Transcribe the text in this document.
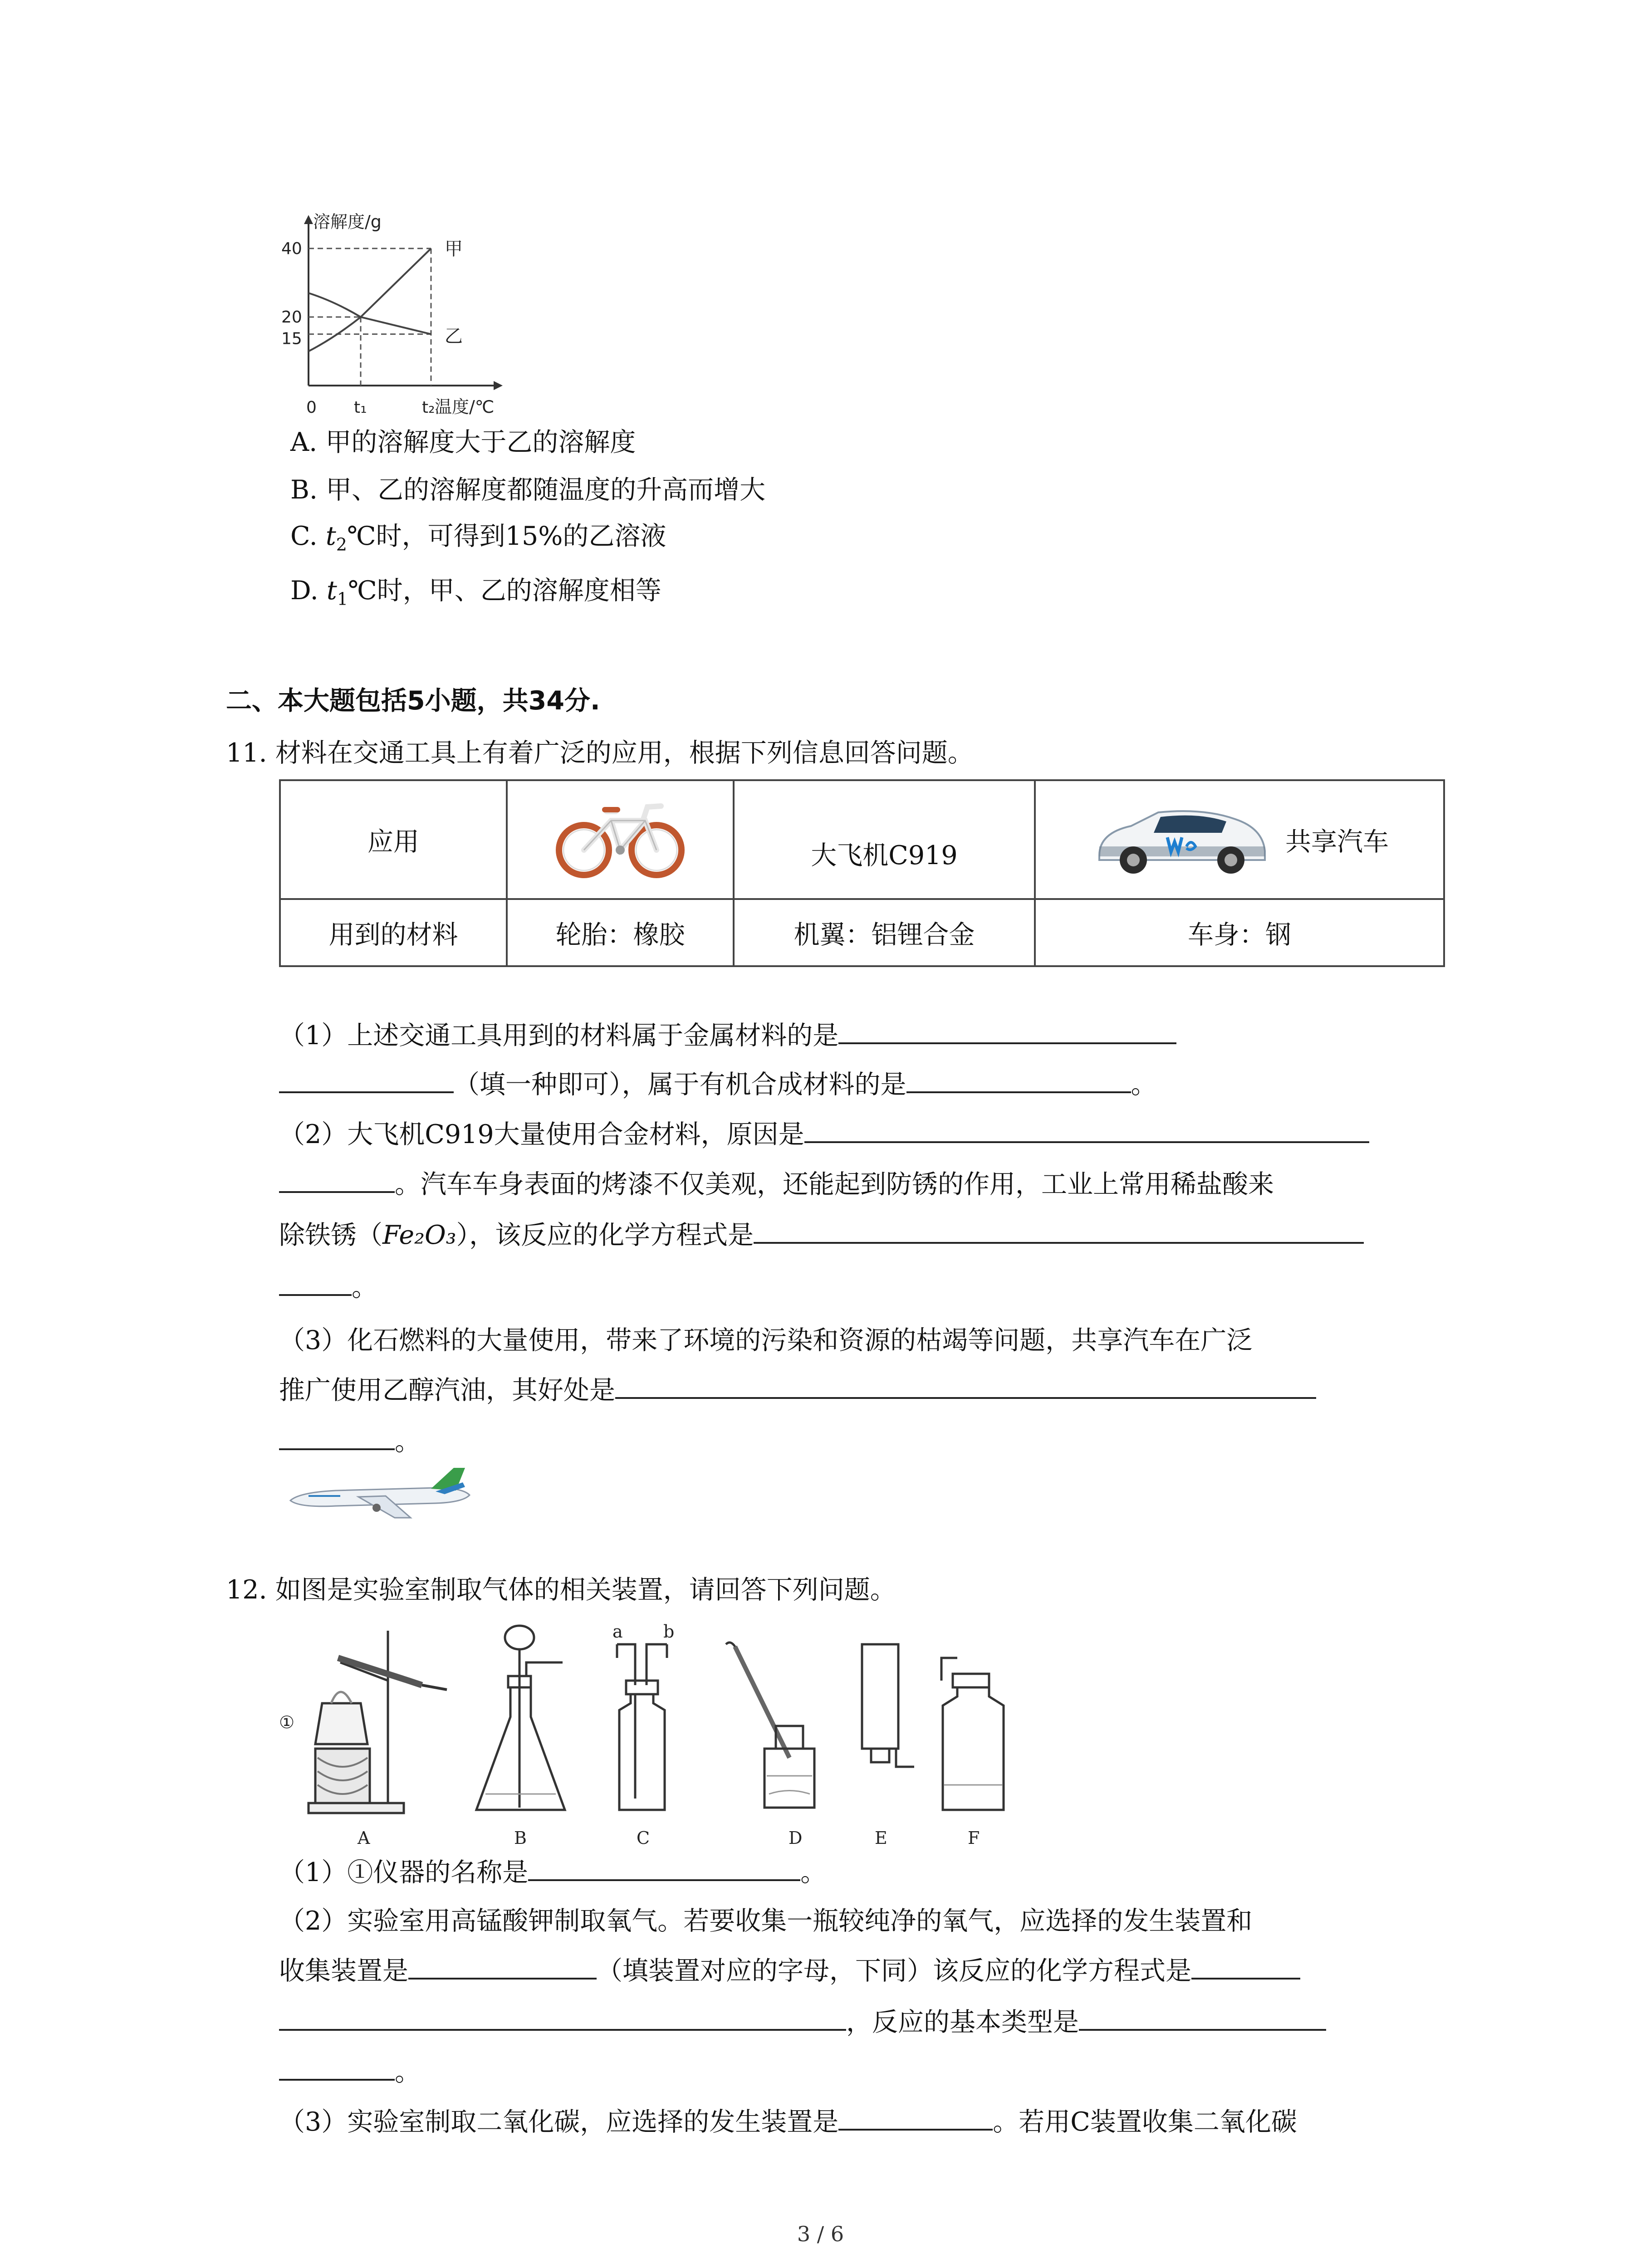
溶解度/g
温度/℃
40
20
15
0 t₁	t₂
甲
乙
A. 甲的溶解度大于乙的溶解度
B. 甲、乙的溶解度都随温度的升高而增大
C. $t_2℃$时，可得到15%的乙溶液
D. $t_1℃$时，甲、乙的溶解度相等
二、本大题包括5小题，共34分.
11. 材料在交通工具上有着广泛的应用，根据下列信息回答问题。
应用		大飞机C919	共享汽车

用到的材料	轮胎：橡胶	机翼：铝锂合金	车身：钢
（1）上述交通工具用到的材料属于金属材料的是
（填一种即可），属于有机合成材料的是	。
（2）大飞机C919大量使用合金材料，原因是
。汽车车身表面的烤漆不仅美观，还能起到防锈的作用，工业上常用稀盐酸来
除铁锈（Fe₂O₃），该反应的化学方程式是
。
（3）化石燃料的大量使用，带来了环境的污染和资源的枯竭等问题，共享汽车在广泛
推广使用乙醇汽油，其好处是
。
12. 如图是实验室制取气体的相关装置，请回答下列问题。
A	B	C	D	E	F
①
a b
（1）①仪器的名称是	。
（2）实验室用高锰酸钾制取氧气。若要收集一瓶较纯净的氧气，应选择的发生装置和
收集装置是	（填装置对应的字母，下同）该反应的化学方程式是
，反应的基本类型是
。
（3）实验室制取二氧化碳，应选择的发生装置是	。若用C装置收集二氧化碳
3 / 6
